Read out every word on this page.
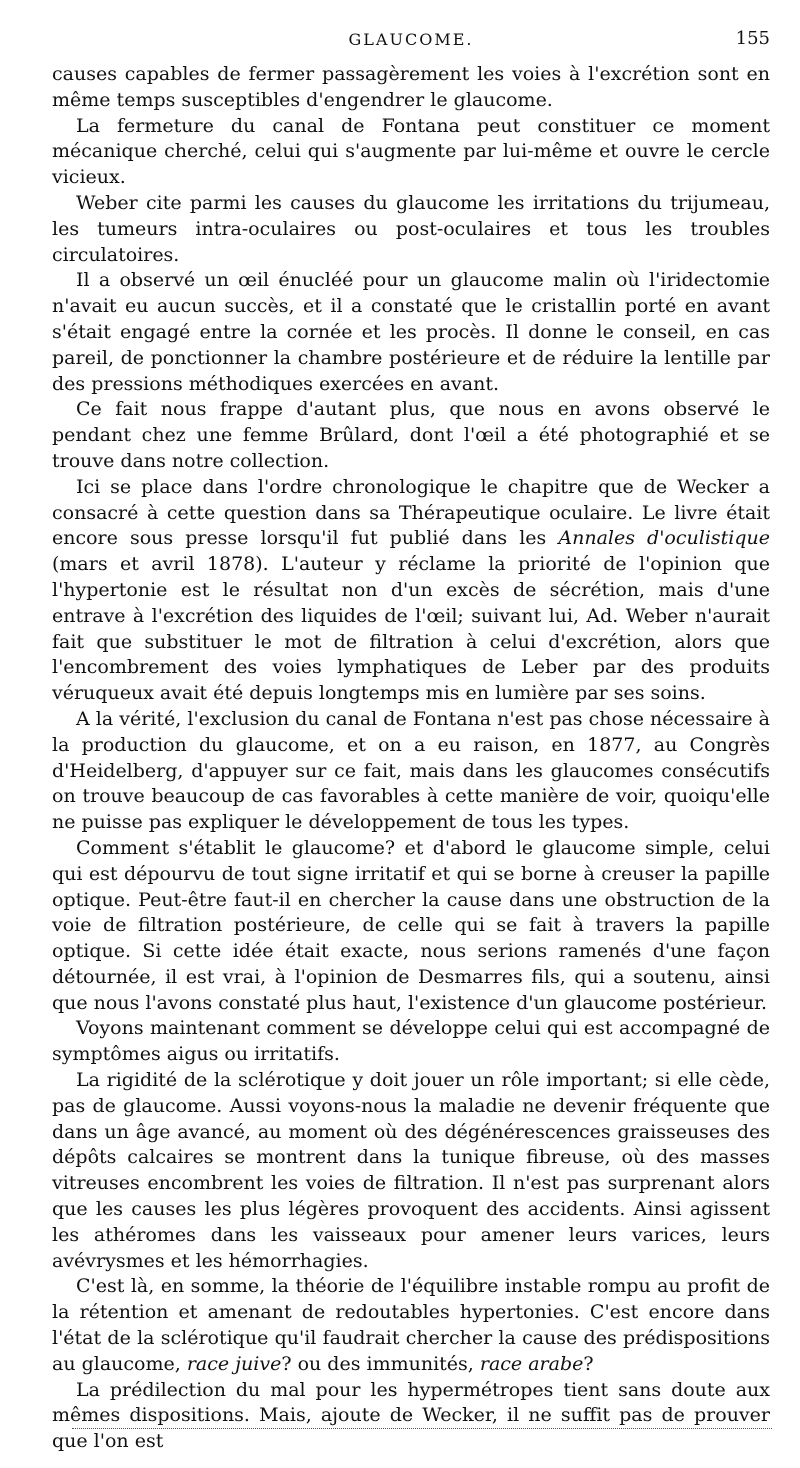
GLAUCOME.	155

causes capables de fermer passagèrement les voies à l'excrétion sont en même temps susceptibles d'engendrer le glaucome.

La fermeture du canal de Fontana peut constituer ce moment mécanique cherché, celui qui s'augmente par lui-même et ouvre le cercle vicieux.

Weber cite parmi les causes du glaucome les irritations du trijumeau, les tumeurs intra-oculaires ou post-oculaires et tous les troubles circulatoires.

Il a observé un œil énucléé pour un glaucome malin où l'iridectomie n'avait eu aucun succès, et il a constaté que le cristallin porté en avant s'était engagé entre la cornée et les procès. Il donne le conseil, en cas pareil, de ponctionner la chambre postérieure et de réduire la lentille par des pressions méthodiques exercées en avant.

Ce fait nous frappe d'autant plus, que nous en avons observé le pendant chez une femme Brûlard, dont l'œil a été photographié et se trouve dans notre collection.

Ici se place dans l'ordre chronologique le chapitre que de Wecker a consacré à cette question dans sa Thérapeutique oculaire. Le livre était encore sous presse lorsqu'il fut publié dans les Annales d'oculistique (mars et avril 1878). L'auteur y réclame la priorité de l'opinion que l'hypertonie est le résultat non d'un excès de sécrétion, mais d'une entrave à l'excrétion des liquides de l'œil; suivant lui, Ad. Weber n'aurait fait que substituer le mot de filtration à celui d'excrétion, alors que l'encombrement des voies lymphatiques de Leber par des produits véruqueux avait été depuis longtemps mis en lumière par ses soins.

A la vérité, l'exclusion du canal de Fontana n'est pas chose nécessaire à la production du glaucome, et on a eu raison, en 1877, au Congrès d'Heidelberg, d'appuyer sur ce fait, mais dans les glaucomes consécutifs on trouve beaucoup de cas favorables à cette manière de voir, quoiqu'elle ne puisse pas expliquer le développement de tous les types.

Comment s'établit le glaucome? et d'abord le glaucome simple, celui qui est dépourvu de tout signe irritatif et qui se borne à creuser la papille optique. Peut-être faut-il en chercher la cause dans une obstruction de la voie de filtration postérieure, de celle qui se fait à travers la papille optique. Si cette idée était exacte, nous serions ramenés d'une façon détournée, il est vrai, à l'opinion de Desmarres fils, qui a soutenu, ainsi que nous l'avons constaté plus haut, l'existence d'un glaucome postérieur.

Voyons maintenant comment se développe celui qui est accompagné de symptômes aigus ou irritatifs.

La rigidité de la sclérotique y doit jouer un rôle important; si elle cède, pas de glaucome. Aussi voyons-nous la maladie ne devenir fréquente que dans un âge avancé, au moment où des dégénérescences graisseuses des dépôts calcaires se montrent dans la tunique fibreuse, où des masses vitreuses encombrent les voies de filtration. Il n'est pas surprenant alors que les causes les plus légères provoquent des accidents. Ainsi agissent les athéromes dans les vaisseaux pour amener leurs varices, leurs avévrysmes et les hémorrhagies.

C'est là, en somme, la théorie de l'équilibre instable rompu au profit de la rétention et amenant de redoutables hypertonies. C'est encore dans l'état de la sclérotique qu'il faudrait chercher la cause des prédispositions au glaucome, race juive? ou des immunités, race arabe?

La prédilection du mal pour les hypermétropes tient sans doute aux mêmes dispositions. Mais, ajoute de Wecker, il ne suffit pas de prouver que l'on est
